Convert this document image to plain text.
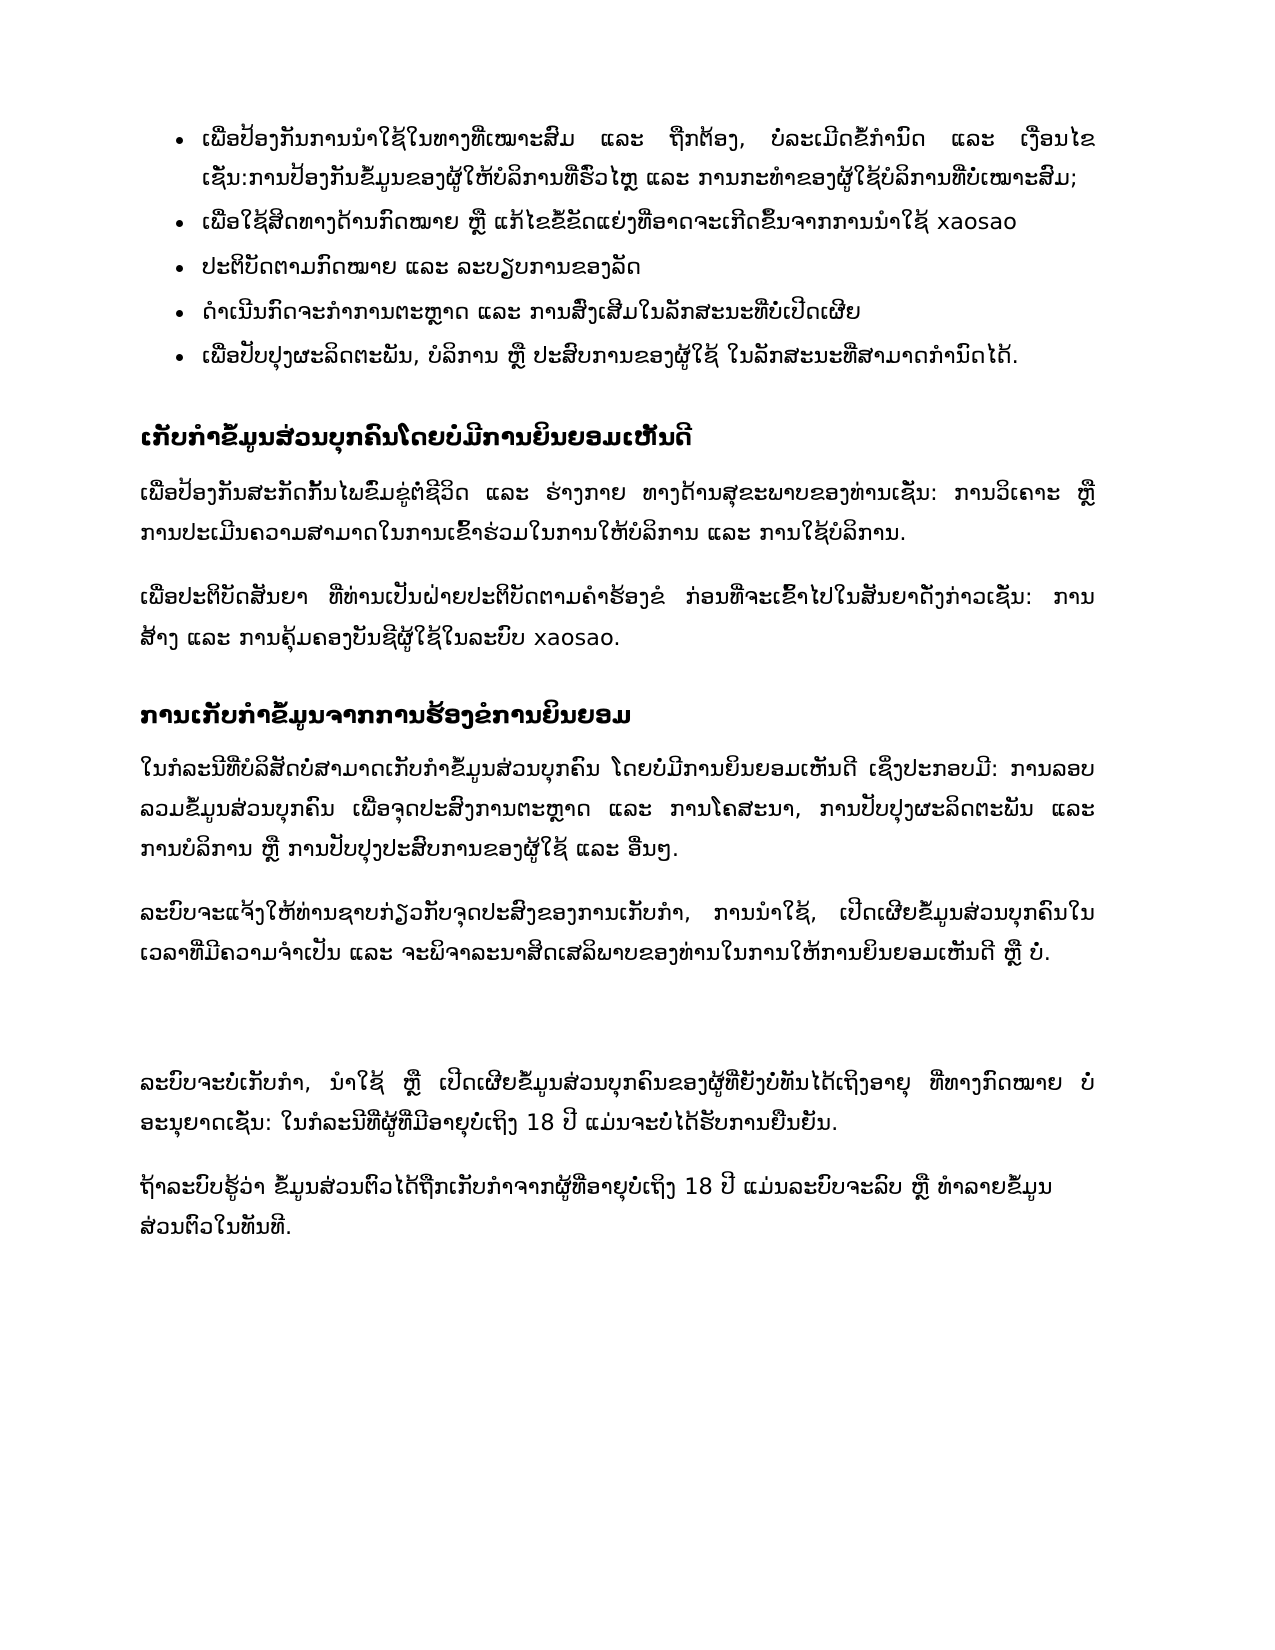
ເພື່ອປ້ອງກັນການນຳໃຊ້ໃນທາງທີ່ເໝາະສົມ ແລະ ຖືກຕ້ອງ, ບໍ່ລະເມີດຂໍ້ກຳນົດ ແລະ ເງື່ອນໄຂ ເຊັ່ນ:ການປ້ອງກັນຂໍ້ມູນຂອງຜູ້ໃຫ້ບໍລິການທີ່ຮົ່ວໄຫຼ ແລະ ການກະທຳຂອງຜູ້ໃຊ້ບໍລິການທີ່ບໍ່ເໝາະສົມ;
ເພື່ອໃຊ້ສິດທາງດ້ານກົດໝາຍ ຫຼື ແກ້ໄຂຂໍ້ຂັດແຍ່ງທີ່ອາດຈະເກີດຂຶ້ນຈາກການນຳໃຊ້ xaosao
ປະຕິບັດຕາມກົດໝາຍ ແລະ ລະບຽບການຂອງລັດ
ດຳເນີນກົດຈະກຳການຕະຫຼາດ ແລະ ການສົ່ງເສີມໃນລັກສະນະທີ່ບໍ່ເປີດເຜີຍ
ເພື່ອປັບປຸງຜະລິດຕະພັນ, ບໍລິການ ຫຼື ປະສົບການຂອງຜູ້ໃຊ້ ໃນລັກສະນະທີ່ສາມາດກຳນົດໄດ້.
ເກັບກຳຂໍ້ມູນສ່ວນບຸກຄົນໂດຍບໍ່ມີການຍິນຍອມເຫັນດີ

ເພື່ອປ້ອງກັນສະກັດກັ້ນໄພຂົ່ມຂູ່ຕໍ່ຊີວິດ ແລະ ຮ່າງກາຍ ທາງດ້ານສຸຂະພາບຂອງທ່ານເຊັ່ນ: ການວິເຄາະ ຫຼື ການປະເມີນຄວາມສາມາດໃນການເຂົ້າຮ່ວມໃນການໃຫ້ບໍລິການ ແລະ ການໃຊ້ບໍລິການ.

ເພື່ອປະຕິບັດສັນຍາ ທີ່ທ່ານເປັນຝ່າຍປະຕິບັດຕາມຄຳຮ້ອງຂໍ ກ່ອນທີ່ຈະເຂົ້າໄປໃນສັນຍາດັ່ງກ່າວເຊັ່ນ: ການສ້າງ ແລະ ການຄຸ້ມຄອງບັນຊີຜູ້ໃຊ້ໃນລະບົບ xaosao.

ການເກັບກຳຂໍ້ມູນຈາກການຮ້ອງຂໍການຍິນຍອມ

ໃນກໍລະນີທີ່ບໍລິສັດບໍ່ສາມາດເກັບກຳຂໍ້ມູນສ່ວນບຸກຄົນ ໂດຍບໍ່ມີການຍິນຍອມເຫັນດີ ເຊິ່ງປະກອບມີ: ການລອບລວມຂໍ້ມູນສ່ວນບຸກຄົນ ເພື່ອຈຸດປະສົງການຕະຫຼາດ ແລະ ການໂຄສະນາ, ການປັບປຸງຜະລິດຕະພັນ ແລະ ການບໍລິການ ຫຼື ການປັບປຸງປະສົບການຂອງຜູ້ໃຊ້ ແລະ ອື່ນໆ.

ລະບົບຈະແຈ້ງໃຫ້ທ່ານຊາບກ່ຽວກັບຈຸດປະສົງຂອງການເກັບກຳ, ການນຳໃຊ້, ເປີດເຜີຍຂໍ້ມູນສ່ວນບຸກຄົນໃນເວລາທີ່ມີຄວາມຈຳເປັນ ແລະ ຈະພິຈາລະນາສິດເສລິພາບຂອງທ່ານໃນການໃຫ້ການຍິນຍອມເຫັນດີ ຫຼື ບໍ່.

ລະບົບຈະບໍ່ເກັບກຳ, ນຳໃຊ້ ຫຼື ເປີດເຜີຍຂໍ້ມູນສ່ວນບຸກຄົນຂອງຜູ້ທີ່ຍັງບໍ່ທັນໄດ້ເຖິງອາຍຸ ທີ່ທາງກົດໝາຍ ບໍ່ອະນຸຍາດເຊັ່ນ: ໃນກໍລະນີທີ່ຜູ້ທີ່ມີອາຍຸບໍ່ເຖິງ 18 ປີ ແມ່ນຈະບໍ່ໄດ້ຮັບການຍືນຍັນ.

ຖ້າລະບົບຮູ້ວ່າ ຂໍ້ມູນສ່ວນຕົວໄດ້ຖືກເກັບກຳຈາກຜູ້ທີ່ອາຍຸບໍ່ເຖິງ 18 ປີ ແມ່ນລະບົບຈະລົບ ຫຼື ທຳລາຍຂໍ້ມູນສ່ວນຕົວໃນທັນທີ.
